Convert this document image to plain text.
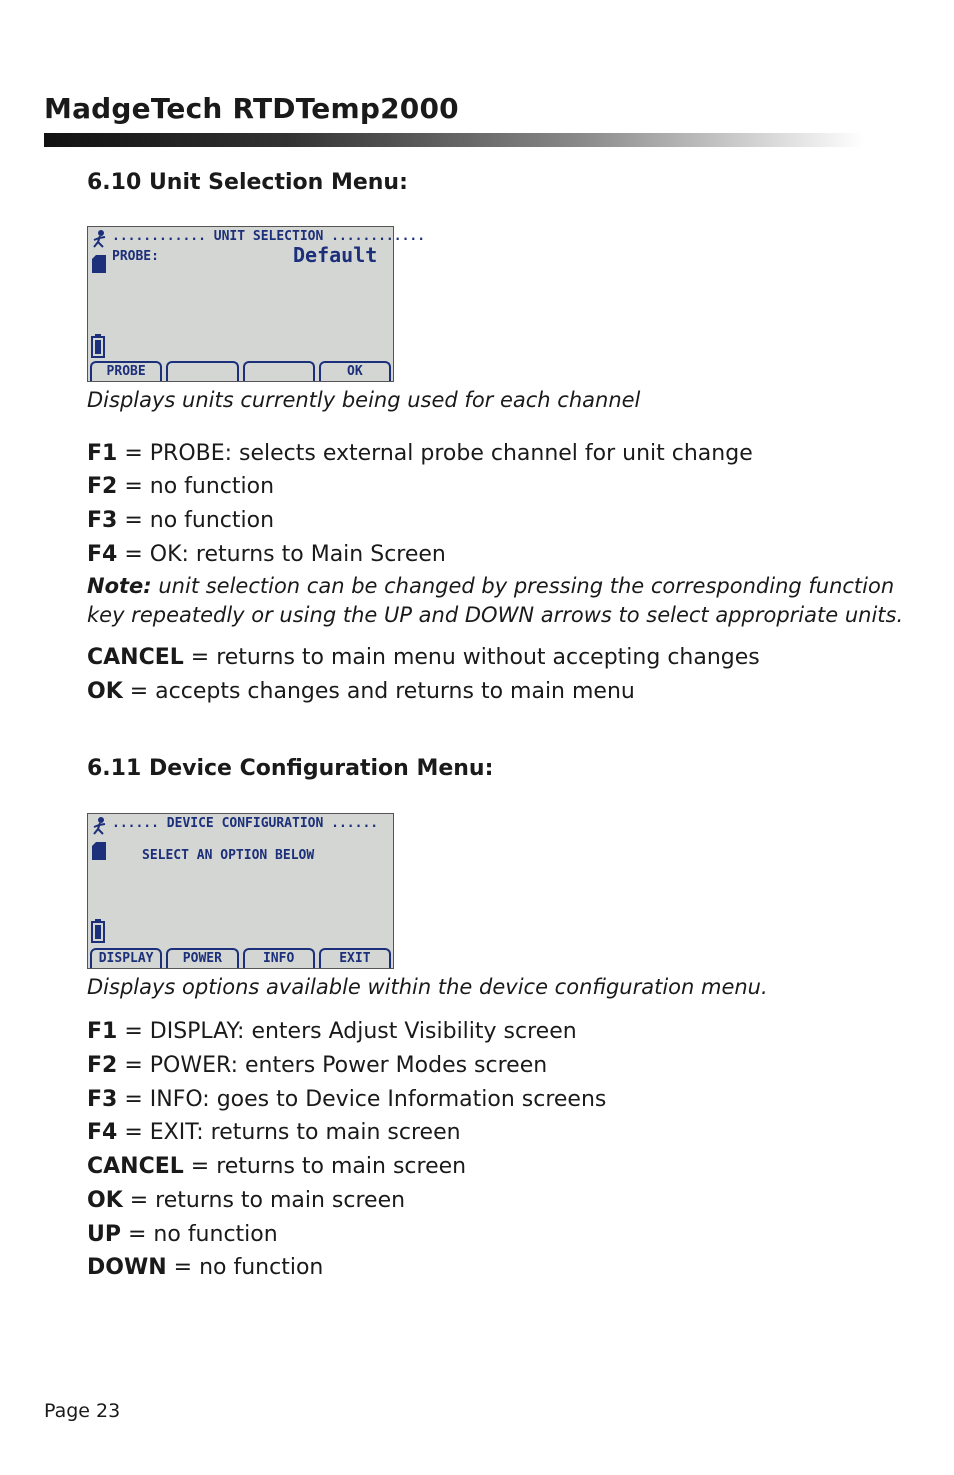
MadgeTech RTDTemp2000
6.10 Unit Selection Menu:
............ UNIT SELECTION ............
PROBE:	Default
PROBE	OK
Displays units currently being used for each channel
F1 = PROBE: selects external probe channel for unit change
F2 = no function
F3 = no function
F4 = OK: returns to Main Screen
Note: unit selection can be changed by pressing the corresponding function key repeatedly or using the UP and DOWN arrows to select appropriate units.
CANCEL = returns to main menu without accepting changes
OK = accepts changes and returns to main menu
6.11 Device Configuration Menu:
...... DEVICE CONFIGURATION ......
SELECT AN OPTION BELOW
DISPLAY	POWER	INFO	EXIT
Displays options available within the device configuration menu.
F1 = DISPLAY: enters Adjust Visibility screen
F2 = POWER: enters Power Modes screen
F3 = INFO: goes to Device Information screens
F4 = EXIT: returns to main screen
CANCEL = returns to main screen
OK = returns to main screen
UP = no function
DOWN = no function
Page 23
